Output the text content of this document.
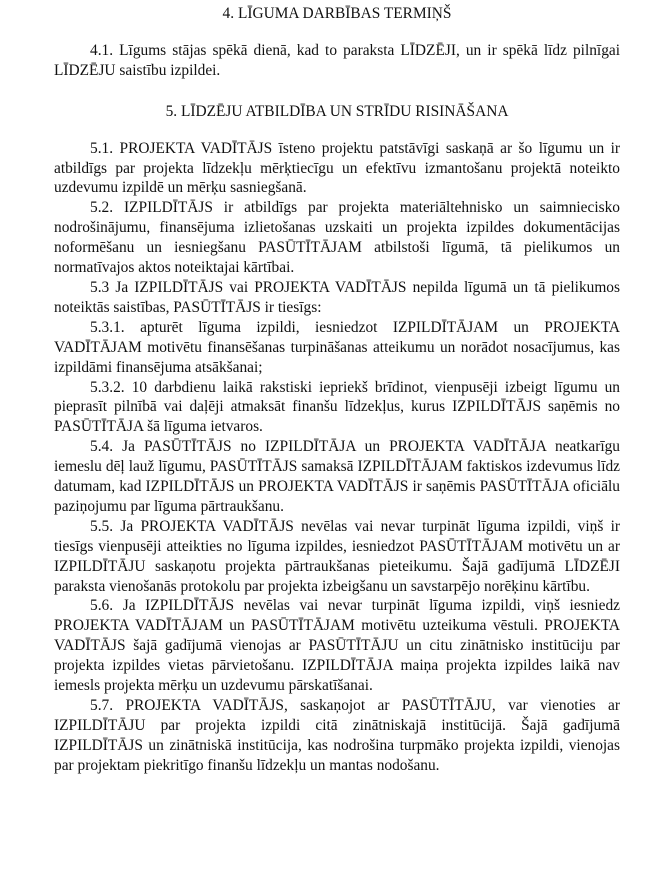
4. LĪGUMA DARBĪBAS TERMIŅŠ

4.1. Līgums stājas spēkā dienā, kad to paraksta LĪDZĒJI, un ir spēkā līdz pilnīgai LĪDZĒJU saistību izpildei.

5. LĪDZĒJU ATBILDĪBA UN STRĪDU RISINĀŠANA

5.1. PROJEKTA VADĪTĀJS īsteno projektu patstāvīgi saskaņā ar šo līgumu un ir atbildīgs par projekta līdzekļu mērķtiecīgu un efektīvu izmantošanu projektā noteikto uzdevumu izpildē un mērķu sasniegšanā.

5.2. IZPILDĪTĀJS ir atbildīgs par projekta materiāltehnisko un saimniecisko nodrošinājumu, finansējuma izlietošanas uzskaiti un projekta izpildes dokumentācijas noformēšanu un iesniegšanu PASŪTĪTĀJAM atbilstoši līgumā, tā pielikumos un normatīvajos aktos noteiktajai kārtībai.

5.3 Ja IZPILDĪTĀJS vai PROJEKTA VADĪTĀJS nepilda līgumā un tā pielikumos noteiktās saistības, PASŪTĪTĀJS ir tiesīgs:

5.3.1. apturēt līguma izpildi, iesniedzot IZPILDĪTĀJAM un PROJEKTA VADĪTĀJAM motivētu finansēšanas turpināšanas atteikumu un norādot nosacījumus, kas izpildāmi finansējuma atsākšanai;

5.3.2. 10 darbdienu laikā rakstiski iepriekš brīdinot, vienpusēji izbeigt līgumu un pieprasīt pilnībā vai daļēji atmaksāt finanšu līdzekļus, kurus IZPILDĪTĀJS saņēmis no PASŪTĪTĀJA šā līguma ietvaros.

5.4. Ja PASŪTĪTĀJS no IZPILDĪTĀJA un PROJEKTA VADĪTĀJA neatkarīgu iemeslu dēļ lauž līgumu, PASŪTĪTĀJS samaksā IZPILDĪTĀJAM faktiskos izdevumus līdz datumam, kad IZPILDĪTĀJS un PROJEKTA VADĪTĀJS ir saņēmis PASŪTĪTĀJA oficiālu paziņojumu par līguma pārtraukšanu.

5.5. Ja PROJEKTA VADĪTĀJS nevēlas vai nevar turpināt līguma izpildi, viņš ir tiesīgs vienpusēji atteikties no līguma izpildes, iesniedzot PASŪTĪTĀJAM motivētu un ar IZPILDĪTĀJU saskaņotu projekta pārtraukšanas pieteikumu. Šajā gadījumā LĪDZĒJI paraksta vienošanās protokolu par projekta izbeigšanu un savstarpējo norēķinu kārtību.

5.6. Ja IZPILDĪTĀJS nevēlas vai nevar turpināt līguma izpildi, viņš iesniedz PROJEKTA VADĪTĀJAM un PASŪTĪTĀJAM motivētu uzteikuma vēstuli. PROJEKTA VADĪTĀJS šajā gadījumā vienojas ar PASŪTĪTĀJU un citu zinātnisko institūciju par projekta izpildes vietas pārvietošanu. IZPILDĪTĀJA maiņa projekta izpildes laikā nav iemesls projekta mērķu un uzdevumu pārskatīšanai.

5.7. PROJEKTA VADĪTĀJS, saskaņojot ar PASŪTĪTĀJU, var vienoties ar IZPILDĪTĀJU par projekta izpildi citā zinātniskajā institūcijā. Šajā gadījumā IZPILDĪTĀJS un zinātniskā institūcija, kas nodrošina turpmāko projekta izpildi, vienojas par projektam piekritīgo finanšu līdzekļu un mantas nodošanu.
